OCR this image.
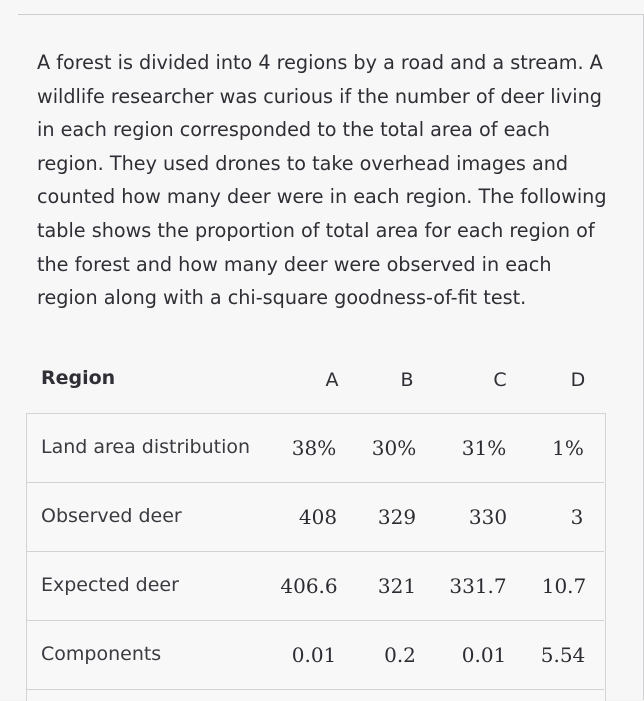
A forest is divided into 4 regions by a road and a stream. A wildlife researcher was curious if the number of deer living in each region corresponded to the total area of each region. They used drones to take overhead images and counted how many deer were in each region. The following table shows the proportion of total area for each region of the forest and how many deer were observed in each region along with a chi-square goodness-of-fit test.

Region	A	B	C	D
Land area distribution 38% 30% 31% 1%
Observed deer	408 329	330	3
Expected deer	406.6 321 331.7 10.7
Components	0.01 0.2 0.01 5.54
